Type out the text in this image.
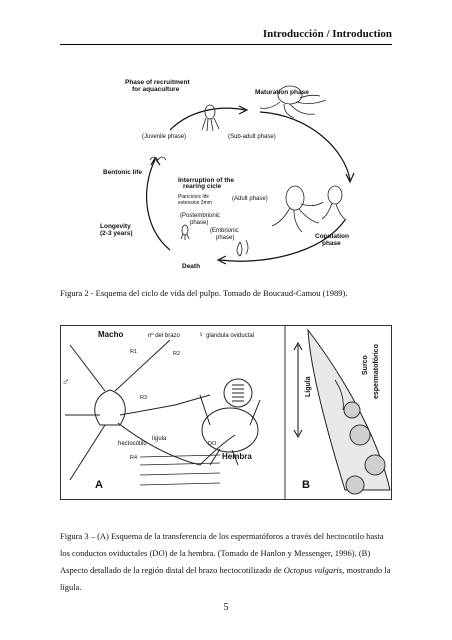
Introducción / Introduction
Phase of recruitment
for aquaculture	Maturation phase
Bentonic life
Interruption of the
rearing cicle
Longevity
(2-3 years)	Copulation
phase
Death
(Juvenile phase)	(Sub-adult phase)
Planctonic life
extension 3mm
(Adult phase)
(Postembrionic
phase)
(Embrionic
phase)
Figura 2 - Esquema del ciclo de vida del pulpo. Tomado de Boucaud-Camou (1989).
Macho	nº del brazo
R1	R2
R3
R4
glandula oviductal
hectocótilo
lígula
DO
Hembra
A
♂
♀
B
Lígula
Surco espermatofórico
Figura 3 – (A) Esquema de la transferencia de los espermatóforos a través del hectocotilo hasta los conductos oviductales (DO) de la hembra. (Tomado de Hanlon y Messenger, 1996). (B) Aspecto detallado de la región distal del brazo hectocotilizado de Octopus vulgaris, mostrando la lígula.
5
